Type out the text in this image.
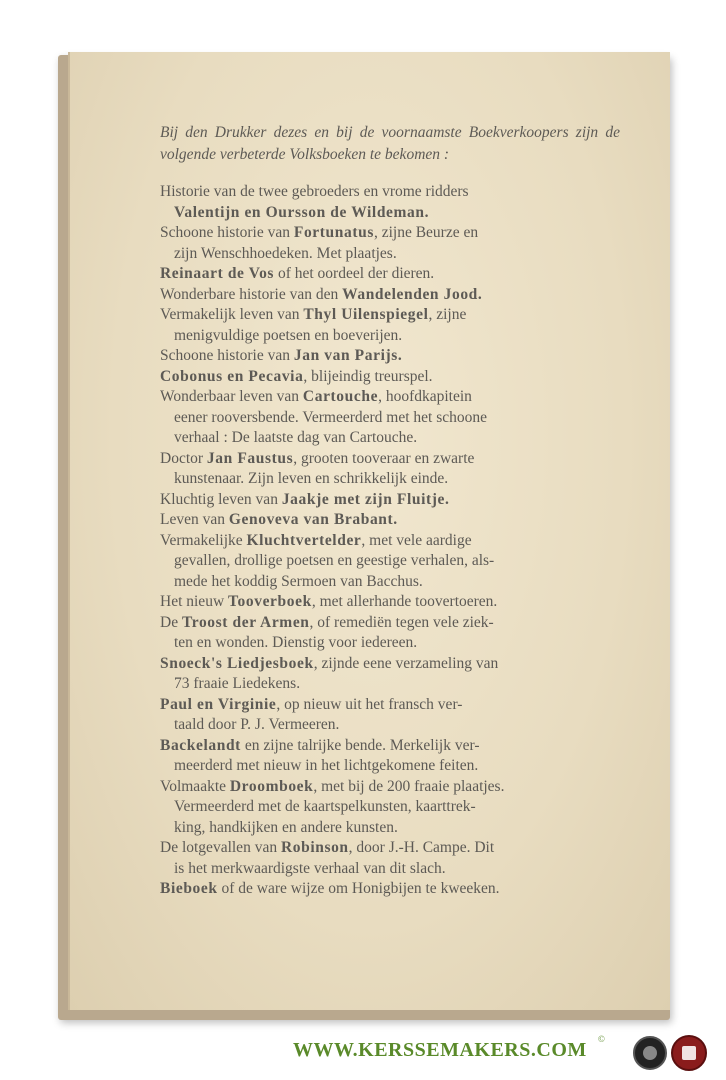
Bij den Drukker dezes en bij de voornaamste Boekverkoopers zijn de volgende verbeterde Volksboeken te bekomen :

Historie van de twee gebroeders en vrome ridders
Valentijn en Oursson de Wildeman.
Schoone historie van Fortunatus, zijne Beurze en
zijn Wenschhoedeken. Met plaatjes.
Reinaart de Vos of het oordeel der dieren.
Wonderbare historie van den Wandelenden Jood.
Vermakelijk leven van Thyl Uilenspiegel, zijne
menigvuldige poetsen en boeverijen.
Schoone historie van Jan van Parijs.
Cobonus en Pecavia, blijeindig treurspel.
Wonderbaar leven van Cartouche, hoofdkapitein
eener rooversbende. Vermeerderd met het schoone
verhaal : De laatste dag van Cartouche.
Doctor Jan Faustus, grooten tooveraar en zwarte
kunstenaar. Zijn leven en schrikkelijk einde.
Kluchtig leven van Jaakje met zijn Fluitje.
Leven van Genoveva van Brabant.
Vermakelijke Kluchtvertelder, met vele aardige
gevallen, drollige poetsen en geestige verhalen, als-
mede het koddig Sermoen van Bacchus.
Het nieuw Tooverboek, met allerhande toovertoeren.
De Troost der Armen, of remediën tegen vele ziek-
ten en wonden. Dienstig voor iedereen.
Snoeck's Liedjesboek, zijnde eene verzameling van
73 fraaie Liedekens.
Paul en Virginie, op nieuw uit het fransch ver-
taald door P. J. Vermeeren.
Backelandt en zijne talrijke bende. Merkelijk ver-
meerderd met nieuw in het lichtgekomene feiten.
Volmaakte Droomboek, met bij de 200 fraaie plaatjes.
Vermeerderd met de kaartspelkunsten, kaarttrek-
king, handkijken en andere kunsten.
De lotgevallen van Robinson, door J.-H. Campe. Dit
is het merkwaardigste verhaal van dit slach.
Bieboek of de ware wijze om Honigbijen te kweeken.
WWW.KERSSEMAKERS.COM ©
